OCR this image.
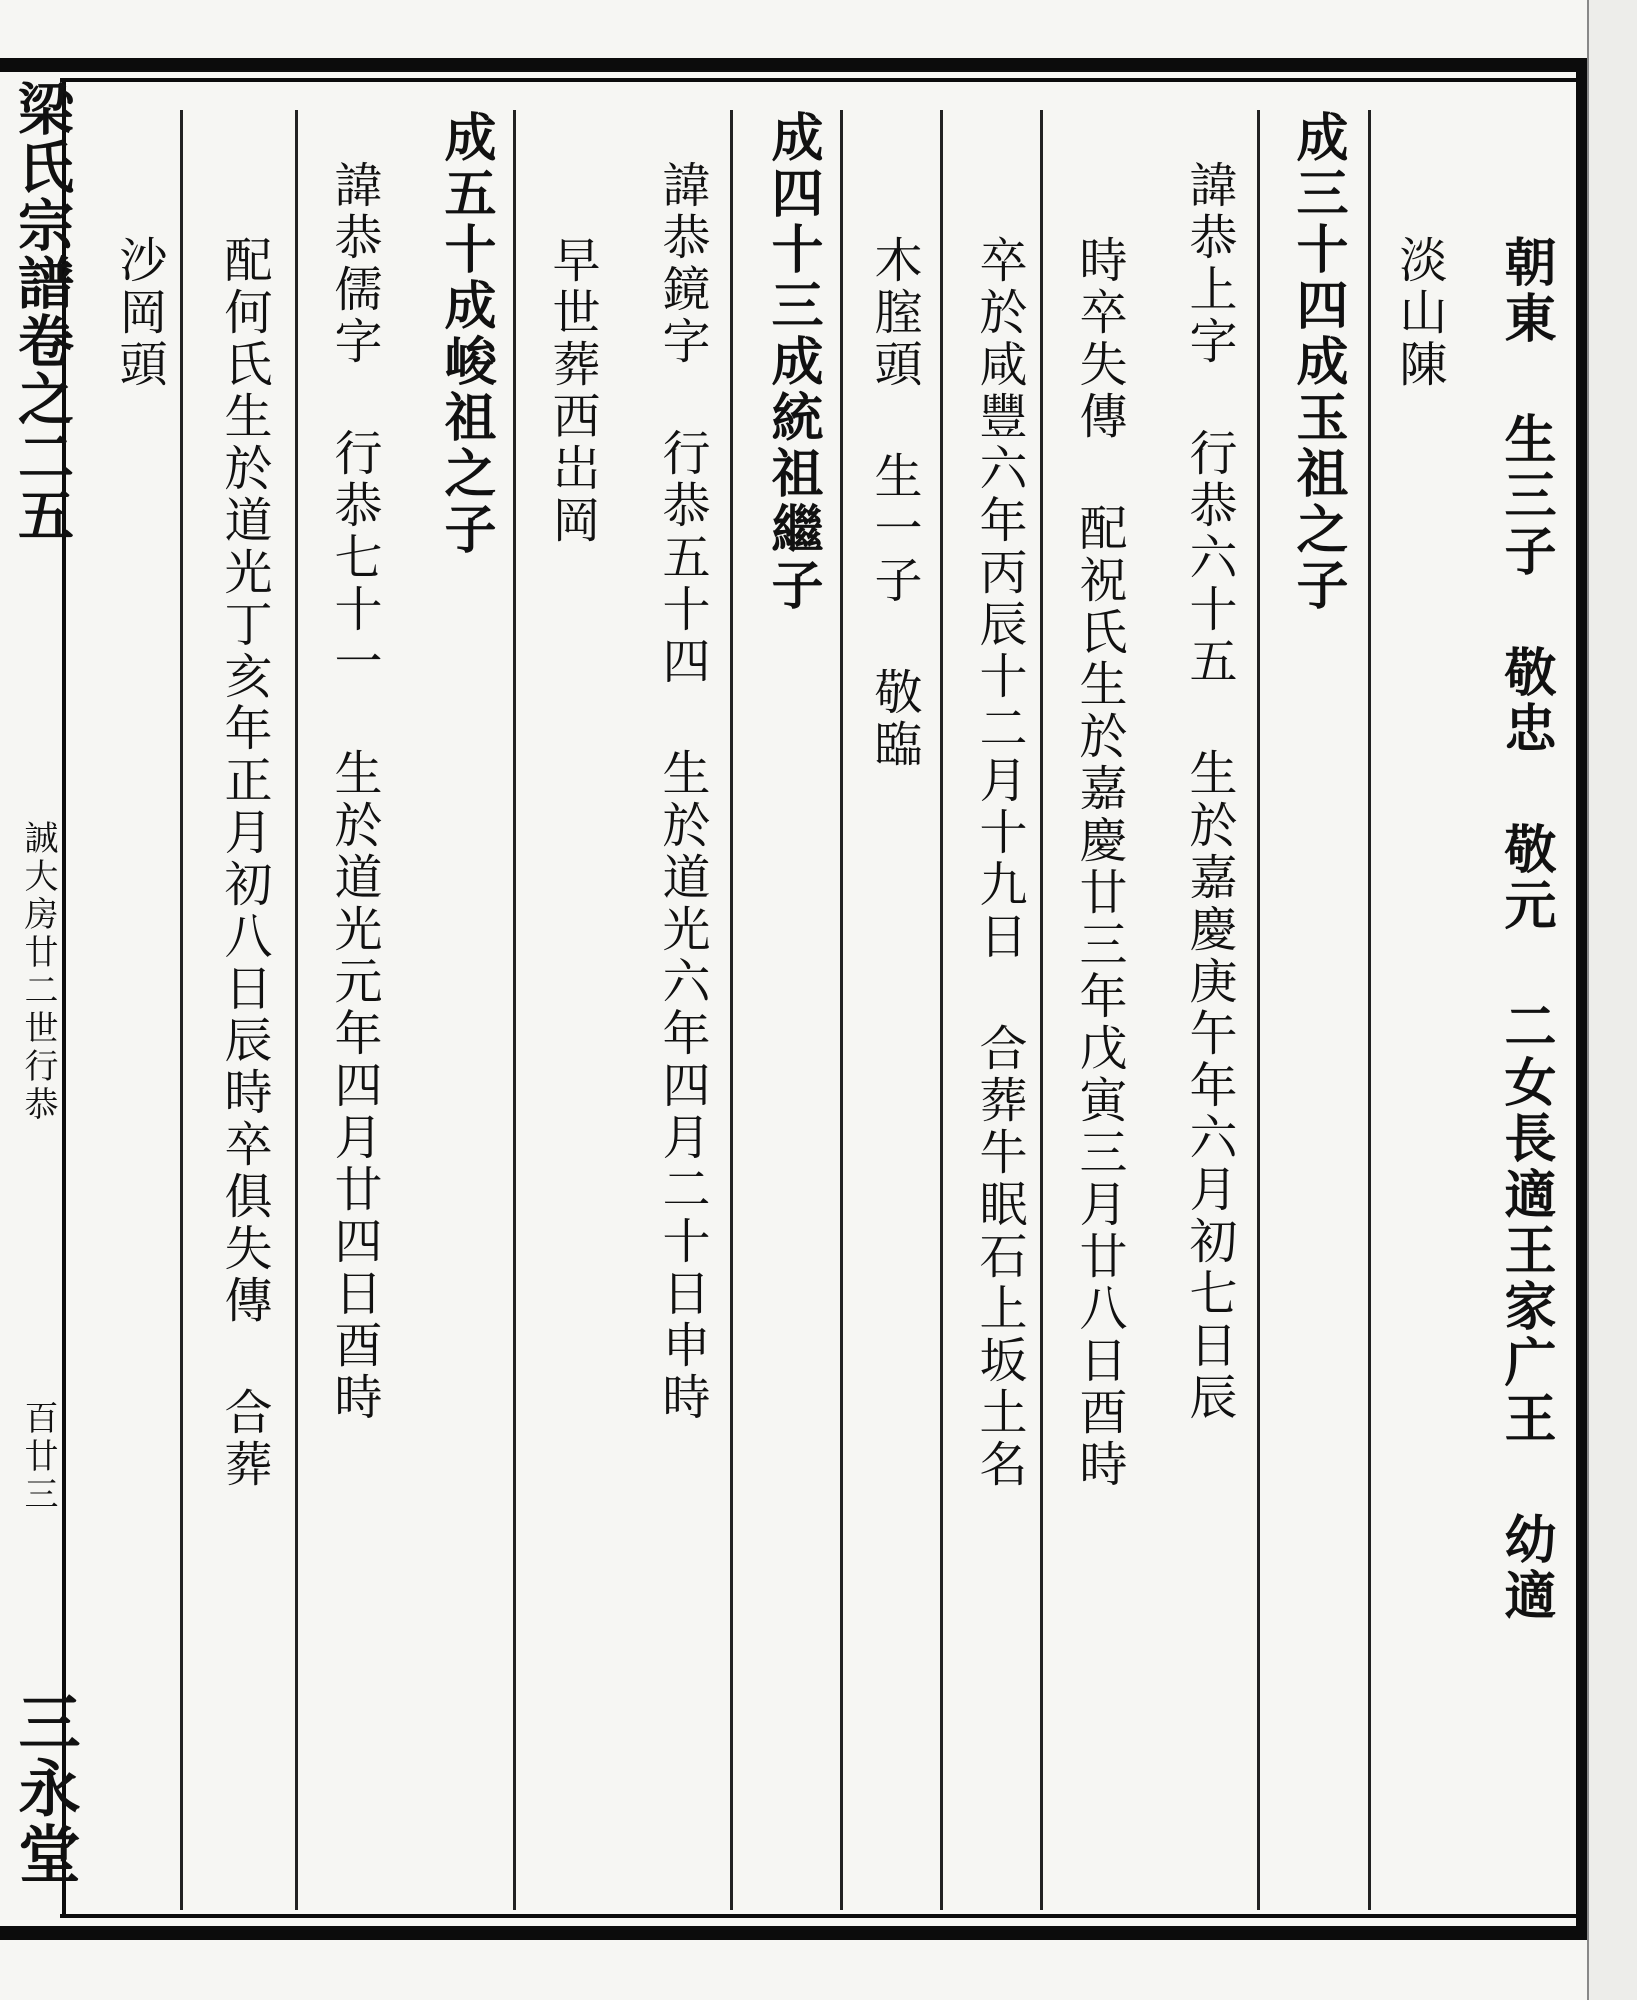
朝東 生三子 敬忠 敬元 二女長適王家广王 幼適
淡山陳
成三十四成玉祖之子
諱恭上字 行恭六十五 生於嘉慶庚午年六月初七日辰
時卒失傳 配祝氏生於嘉慶廿三年戊寅三月廿八日酉時
卒於咸豐六年丙辰十二月十九日 合葬牛眠石上坂土名
木腟頭 生一子 敬臨
成四十三成統祖繼子
諱恭鏡字 行恭五十四 生於道光六年四月二十日申時
早世葬西岀岡
成五十成峻祖之子
諱恭儒字 行恭七十一 生於道光元年四月廿四日酉時
配何氏生於道光丁亥年正月初八日辰時卒俱失傳 合葬
沙岡頭
梁氏宗譜卷之二五
誠大房廿二世行恭
百廿三
三永堂
